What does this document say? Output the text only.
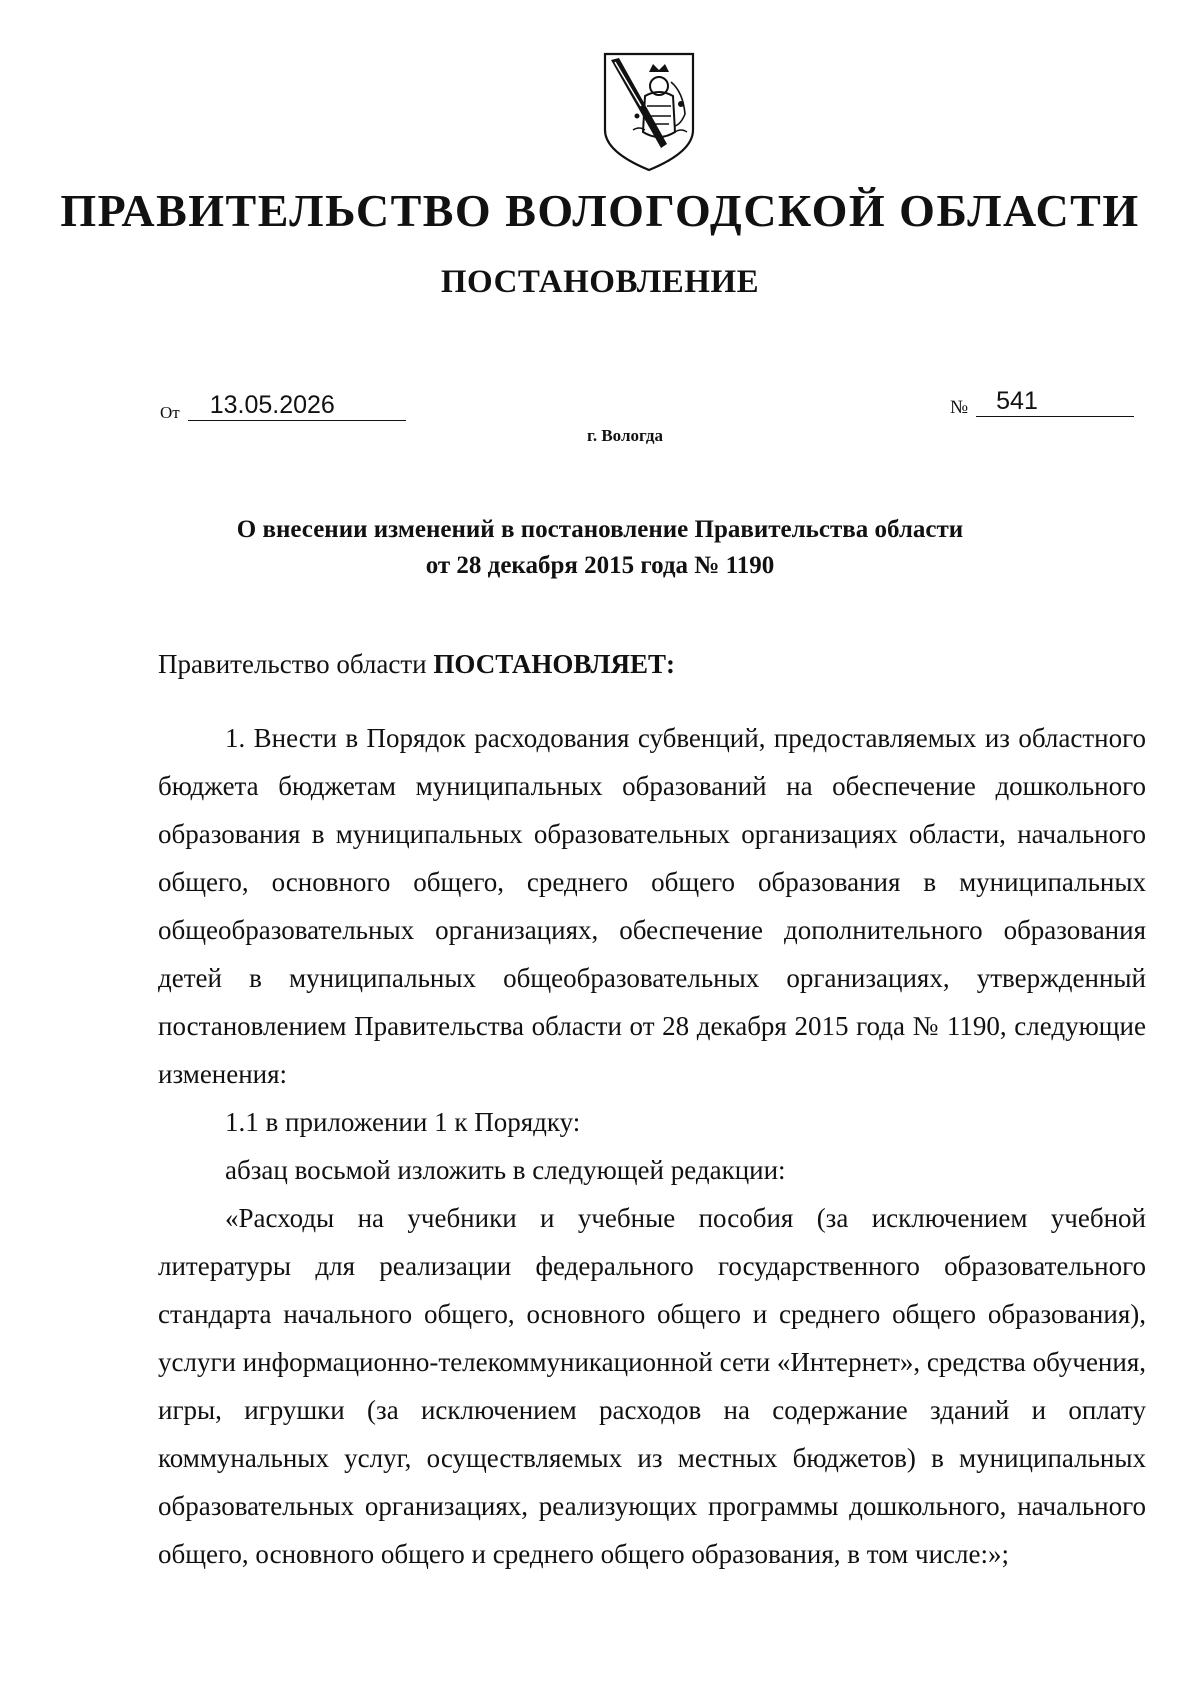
ПРАВИТЕЛЬСТВО ВОЛОГОДСКОЙ ОБЛАСТИ
ПОСТАНОВЛЕНИЕ
От	13.05.2026	№	541
г. Вологда
О внесении изменений в постановление Правительства области
от 28 декабря 2015 года № 1190

Правительство области ПОСТАНОВЛЯЕТ:

1. Внести в Порядок расходования субвенций, предоставляемых из областного бюджета бюджетам муниципальных образований на обеспечение дошкольного образования в муниципальных образовательных организациях области, начального общего, основного общего, среднего общего образования в муниципальных общеобразовательных организациях, обеспечение дополнительного образования детей в муниципальных общеобразовательных организациях, утвержденный постановлением Правительства области от 28 декабря 2015 года № 1190, следующие изменения:

1.1 в приложении 1 к Порядку:

абзац восьмой изложить в следующей редакции:

«Расходы на учебники и учебные пособия (за исключением учебной литературы для реализации федерального государственного образовательного стандарта начального общего, основного общего и среднего общего образования), услуги информационно-телекоммуникационной сети «Интернет», средства обучения, игры, игрушки (за исключением расходов на содержание зданий и оплату коммунальных услуг, осуществляемых из местных бюджетов) в муниципальных образовательных организациях, реализующих программы дошкольного, начального общего, основного общего и среднего общего образования, в том числе:»;
